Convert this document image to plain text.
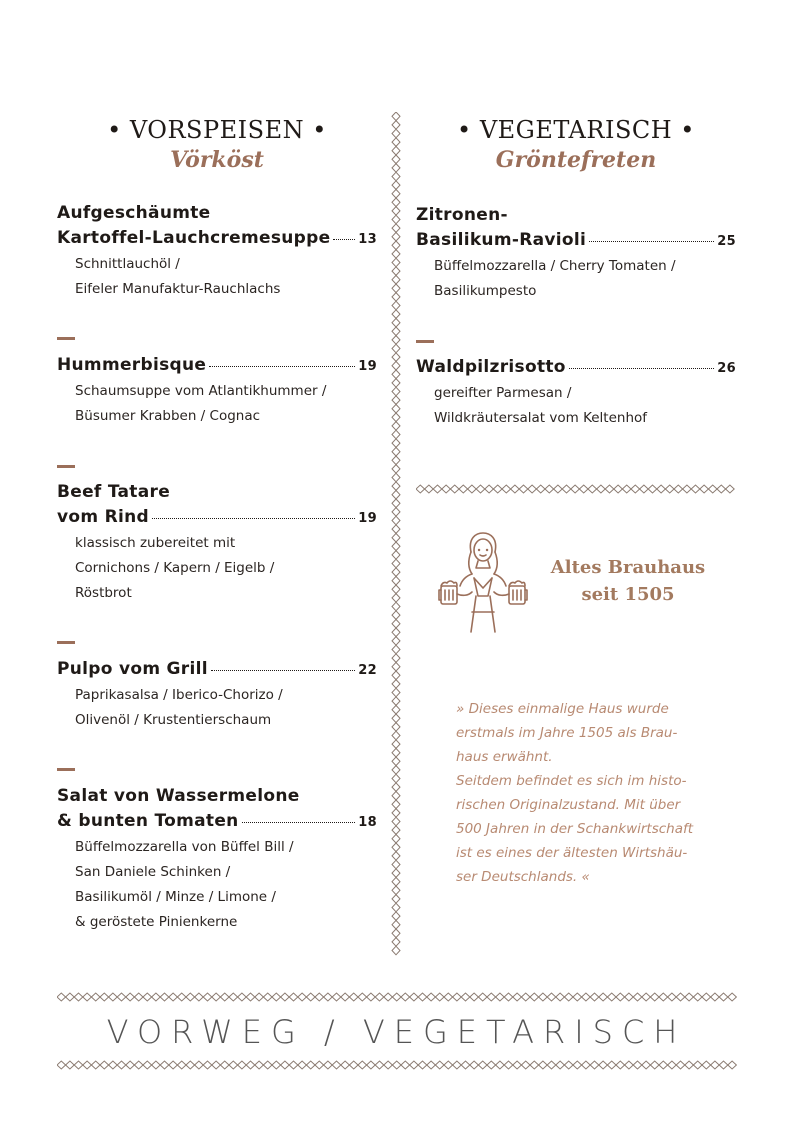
• VORSPEISEN •
Vörköst
Aufgeschäumte
Kartoffel-Lauchcremesuppe 13
Schnittlauchöl /
Eifeler Manufaktur-Rauchlachs
Hummerbisque	19
Schaumsuppe vom Atlantikhummer /
Büsumer Krabben / Cognac
Beef Tatare
vom Rind	19
klassisch zubereitet mit
Cornichons / Kapern / Eigelb /
Röstbrot
Pulpo vom Grill	22
Paprikasalsa / Iberico-Chorizo /
Olivenöl / Krustentierschaum
Salat von Wassermelone
& bunten Tomaten	18
Büffelmozzarella von Büffel Bill /
San Daniele Schinken /
Basilikumöl / Minze / Limone /
& geröstete Pinienkerne
• VEGETARISCH •
Gröntefreten
Zitronen-
Basilikum-Ravioli	25
Büffelmozzarella / Cherry Tomaten /
Basilikumpesto
Waldpilzrisotto	26
gereifter Parmesan /
Wildkräutersalat vom Keltenhof
Altes Brauhaus
seit 1505
» Dieses einmalige Haus wurde
erstmals im Jahre 1505 als Brau-
haus erwähnt.
Seitdem befindet es sich im histo-
rischen Originalzustand. Mit über
500 Jahren in der Schankwirtschaft
ist es eines der ältesten Wirtshäu-
ser Deutschlands. «
VORWEG / VEGETARISCH
